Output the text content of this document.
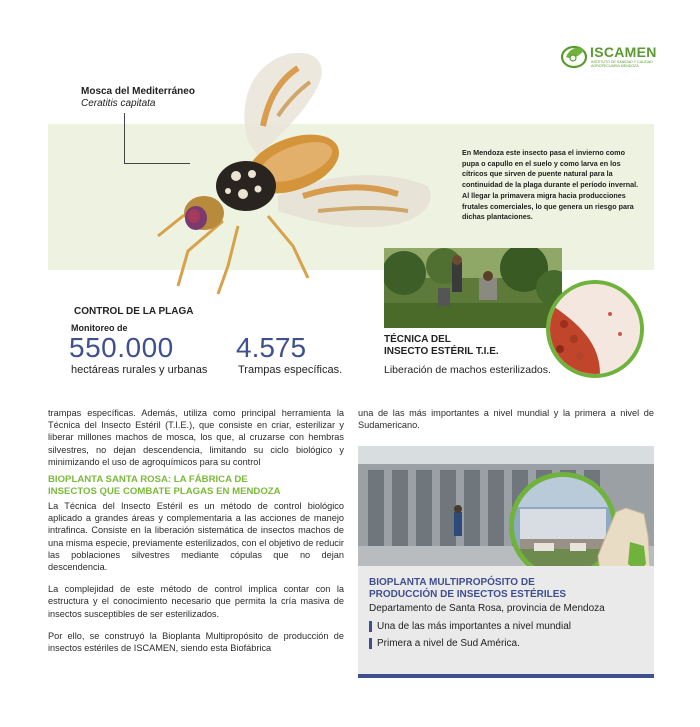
ISCAMEN
INSTITUTO DE SANIDAD Y CALIDAD
AGROPECUARIA MENDOZA
Mosca del Mediterráneo
Ceratitis capitata
En Mendoza este insecto pasa el invierno como pupa o capullo en el suelo y como larva en los cítricos que sirven de puente natural para la continuidad de la plaga durante el período invernal. Al llegar la primavera migra hacia producciones frutales comerciales, lo que genera un riesgo para dichas plantaciones.
CONTROL DE LA PLAGA
Monitoreo de
550.000
hectáreas rurales y urbanas
4.575
Trampas específicas.
TÉCNICA DEL
INSECTO ESTÉRIL T.I.E.
Liberación de machos esterilizados.

trampas específicas. Además, utiliza como principal herramienta la Técnica del Insecto Estéril (T.I.E.), que consiste en criar, esterilizar y liberar millones machos de mosca, los que, al cruzarse con hembras silvestres, no dejan descendencia, limitando su ciclo biológico y minimizando el uso de agroquímicos para su control

BIOPLANTA SANTA ROSA: LA FÁBRICA DE
INSECTOS QUE COMBATE PLAGAS EN MENDOZA

La Técnica del Insecto Estéril es un método de control biológico aplicado a grandes áreas y complementaria a las acciones de manejo intrafinca. Consiste en la liberación sistemática de insectos machos de una misma especie, previamente esterilizados, con el objetivo de reducir las poblaciones silvestres mediante cópulas que no dejan descendencia.

La complejidad de este método de control implica contar con la estructura y el conocimiento necesario que permita la cría masiva de insectos susceptibles de ser esterilizados.

Por ello, se construyó la Bioplanta Multipropósito de producción de insectos estériles de ISCAMEN, siendo esta Biofábrica

una de las más importantes a nivel mundial y la primera a nivel de Sudamericano.
BIOPLANTA MULTIPROPÓSITO DE
PRODUCCIÓN DE INSECTOS ESTÉRILES
Departamento de Santa Rosa, provincia de Mendoza
Una de las más importantes a nivel mundial
Primera a nivel de Sud América.
